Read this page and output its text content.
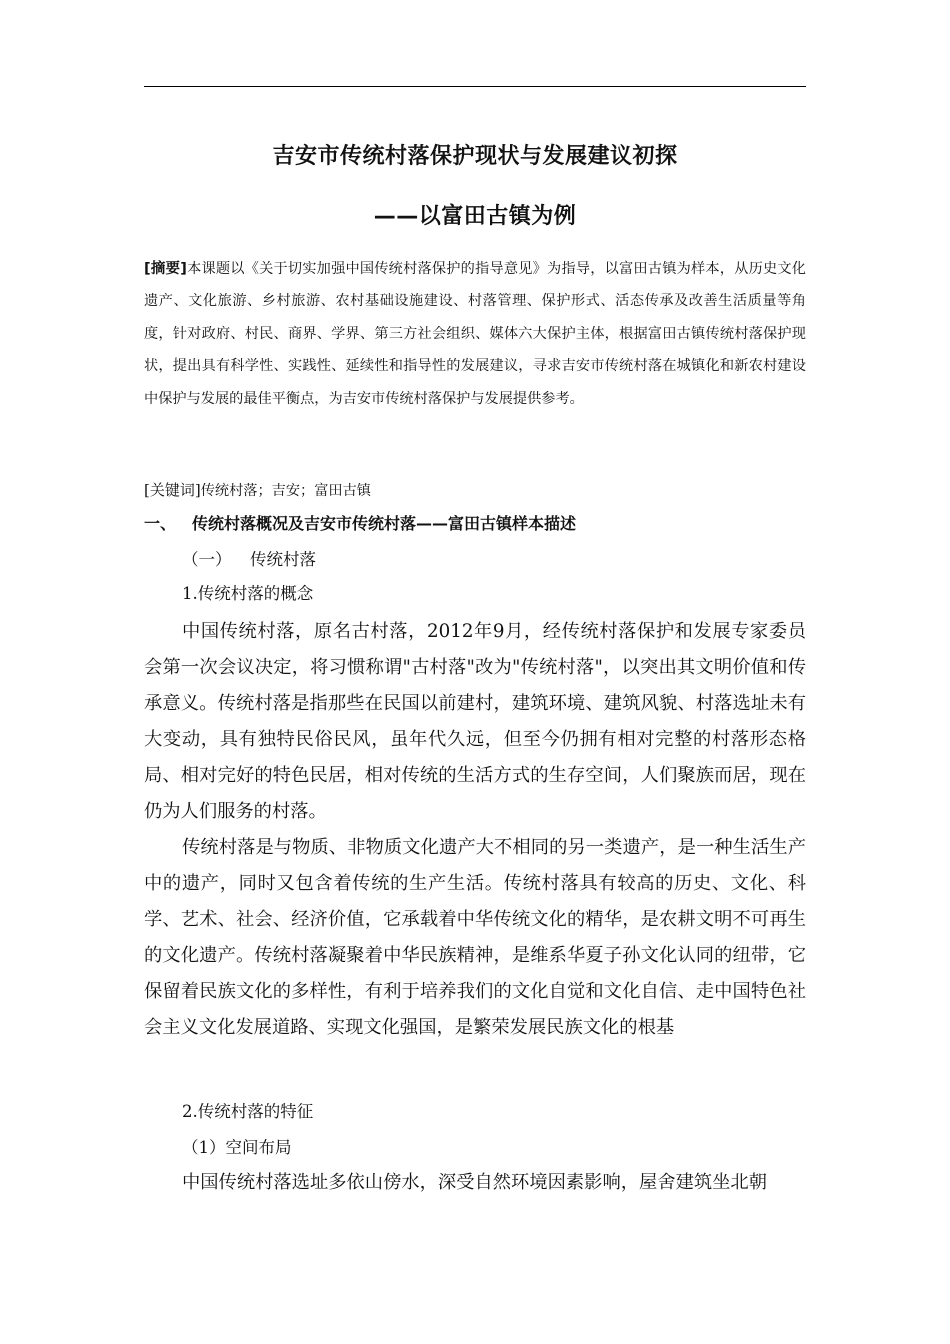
吉安市传统村落保护现状与发展建议初探
——以富田古镇为例
[摘要]本课题以《关于切实加强中国传统村落保护的指导意见》为指导，以富田古镇为样本，从历史文化遗产、文化旅游、乡村旅游、农村基础设施建设、村落管理、保护形式、活态传承及改善生活质量等角度，针对政府、村民、商界、学界、第三方社会组织、媒体六大保护主体，根据富田古镇传统村落保护现状，提出具有科学性、实践性、延续性和指导性的发展建议，寻求吉安市传统村落在城镇化和新农村建设中保护与发展的最佳平衡点，为吉安市传统村落保护与发展提供参考。
[关键词]传统村落；吉安；富田古镇
一、 传统村落概况及吉安市传统村落——富田古镇样本描述
（一） 传统村落
1.传统村落的概念
中国传统村落，原名古村落，2012年9月，经传统村落保护和发展专家委员会第一次会议决定，将习惯称谓"古村落"改为"传统村落"，以突出其文明价值和传承意义。传统村落是指那些在民国以前建村，建筑环境、建筑风貌、村落选址未有大变动，具有独特民俗民风，虽年代久远，但至今仍拥有相对完整的村落形态格局、相对完好的特色民居，相对传统的生活方式的生存空间，人们聚族而居，现在仍为人们服务的村落。
传统村落是与物质、非物质文化遗产大不相同的另一类遗产，是一种生活生产中的遗产，同时又包含着传统的生产生活。传统村落具有较高的历史、文化、科学、艺术、社会、经济价值，它承载着中华传统文化的精华，是农耕文明不可再生的文化遗产。传统村落凝聚着中华民族精神，是维系华夏子孙文化认同的纽带，它保留着民族文化的多样性，有利于培养我们的文化自觉和文化自信、走中国特色社会主义文化发展道路、实现文化强国，是繁荣发展民族文化的根基
2.传统村落的特征
（1）空间布局
中国传统村落选址多依山傍水，深受自然环境因素影响，屋舍建筑坐北朝
